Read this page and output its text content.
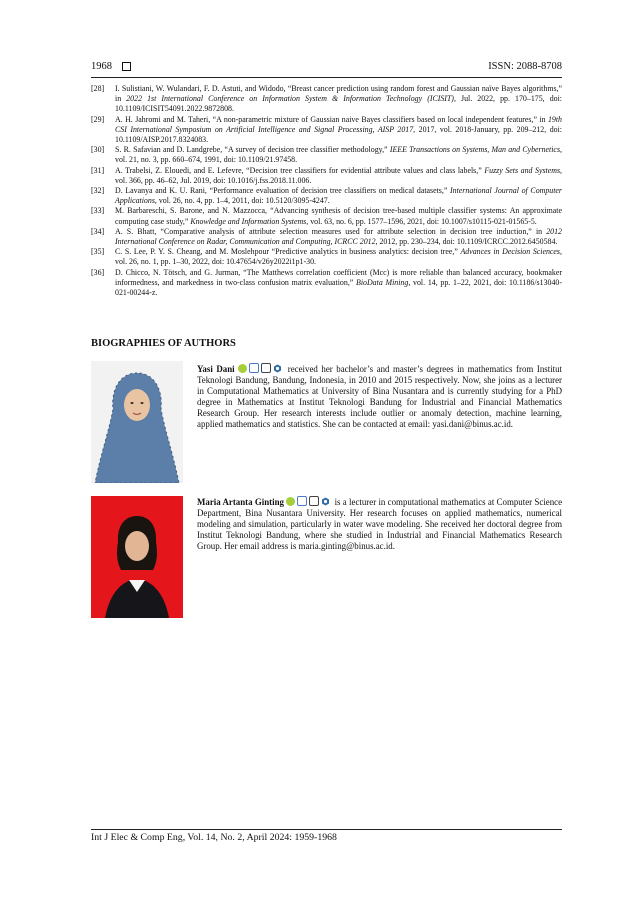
1968	ISSN: 2088-8708
[28] I. Sulistiani, W. Wulandari, F. D. Astuti, and Widodo, “Breast cancer prediction using random forest and Gaussian naïve Bayes algorithms,” in 2022 1st International Conference on Information System & Information Technology (ICISIT), Jul. 2022, pp. 170–175, doi: 10.1109/ICISIT54091.2022.9872808.
[29] A. H. Jahromi and M. Taheri, “A non-parametric mixture of Gaussian naive Bayes classifiers based on local independent features,” in 19th CSI International Symposium on Artificial Intelligence and Signal Processing, AISP 2017, 2017, vol. 2018-January, pp. 209–212, doi: 10.1109/AISP.2017.8324083.
[30] S. R. Safavian and D. Landgrebe, “A survey of decision tree classifier methodology,” IEEE Transactions on Systems, Man and Cybernetics, vol. 21, no. 3, pp. 660–674, 1991, doi: 10.1109/21.97458.
[31] A. Trabelsi, Z. Elouedi, and E. Lefevre, “Decision tree classifiers for evidential attribute values and class labels,” Fuzzy Sets and Systems, vol. 366, pp. 46–62, Jul. 2019, doi: 10.1016/j.fss.2018.11.006.
[32] D. Lavanya and K. U. Rani, “Performance evaluation of decision tree classifiers on medical datasets,” International Journal of Computer Applications, vol. 26, no. 4, pp. 1–4, 2011, doi: 10.5120/3095-4247.
[33] M. Barbareschi, S. Barone, and N. Mazzocca, “Advancing synthesis of decision tree-based multiple classifier systems: An approximate computing case study,” Knowledge and Information Systems, vol. 63, no. 6, pp. 1577–1596, 2021, doi: 10.1007/s10115-021-01565-5.
[34] A. S. Bhatt, “Comparative analysis of attribute selection measures used for attribute selection in decision tree induction,” in 2012 International Conference on Radar, Communication and Computing, ICRCC 2012, 2012, pp. 230–234, doi: 10.1109/ICRCC.2012.6450584.
[35] C. S. Lee, P. Y. S. Cheang, and M. Moslehpour “Predictive analytics in business analytics: decision tree,” Advances in Decision Sciences, vol. 26, no. 1, pp. 1–30, 2022, doi: 10.47654/v26y2022i1p1-30.
[36] D. Chicco, N. Tötsch, and G. Jurman, “The Matthews correlation coefficient (Mcc) is more reliable than balanced accuracy, bookmaker informedness, and markedness in two-class confusion matrix evaluation,” BioData Mining, vol. 14, pp. 1–22, 2021, doi: 10.1186/s13040-021-00244-z.
BIOGRAPHIES OF AUTHORS
Yasi Dani	received her bachelor’s and master’s degrees in mathematics from Institut Teknologi Bandung, Bandung, Indonesia, in 2010 and 2015 respectively. Now, she joins as a lecturer in Computational Mathematics at University of Bina Nusantara and is currently studying for a PhD degree in Mathematics at Institut Teknologi Bandung for Industrial and Financial Mathematics Research Group. Her research interests include outlier or anomaly detection, machine learning, applied mathematics and statistics. She can be contacted at email: yasi.dani@binus.ac.id.
Maria Artanta Ginting	is a lecturer in computational mathematics at Computer Science Department, Bina Nusantara University. Her research focuses on applied mathematics, numerical modeling and simulation, particularly in water wave modeling. She received her doctoral degree from Institut Teknologi Bandung, where she studied in Industrial and Financial Mathematics Research Group. Her email address is maria.ginting@binus.ac.id.
Int J Elec & Comp Eng, Vol. 14, No. 2, April 2024: 1959-1968
